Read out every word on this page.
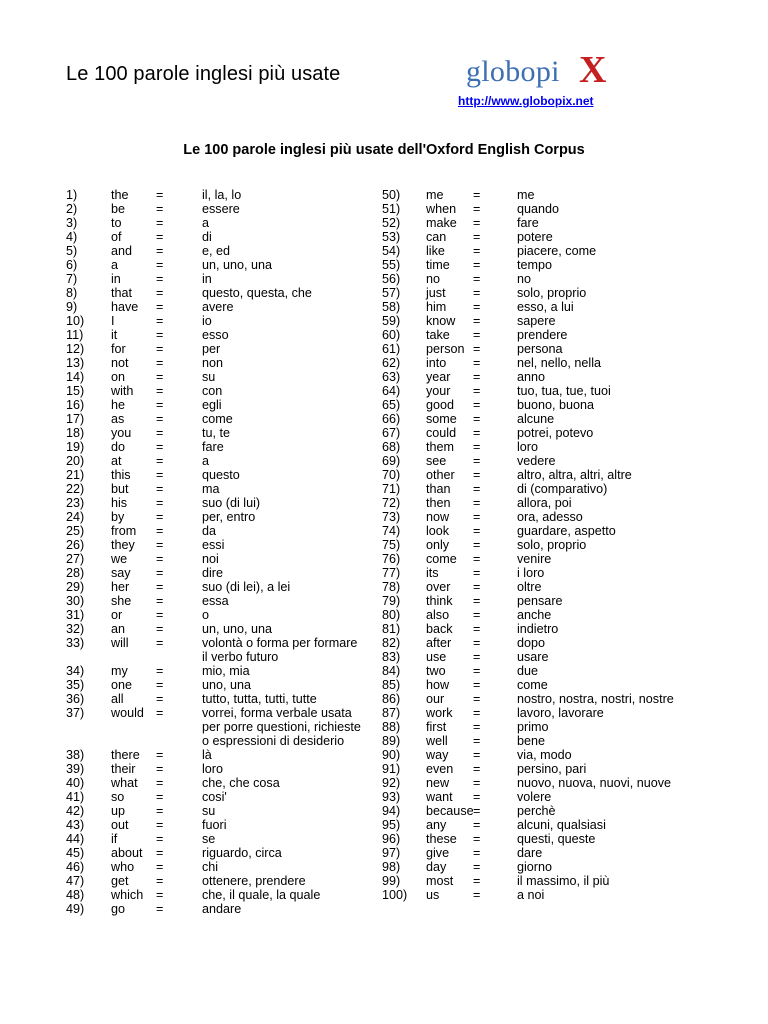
Le 100 parole inglesi più usate	globopi X
http://www.globopix.net
Le 100 parole inglesi più usate dell'Oxford English Corpus
1)	the	=	il, la, lo
2)	be	=	essere
3)	to	=	a
4)	of	=	di
5)	and	=	e, ed
6)	a	=	un, uno, una
7)	in	=	in
8)	that	=	questo, questa, che
9)	have	=	avere
10)	I	=	io
11)	it	=	esso
12)	for	=	per
13)	not	=	non
14)	on	=	su
15)	with	=	con
16)	he	=	egli
17)	as	=	come
18)	you	=	tu, te
19)	do	=	fare
20)	at	=	a
21)	this	=	questo
22)	but	=	ma
23)	his	=	suo (di lui)
24)	by	=	per, entro
25)	from	=	da
26)	they	=	essi
27)	we	=	noi
28)	say	=	dire
29)	her	=	suo (di lei), a lei
30)	she	=	essa
31)	or	=	o
32)	an	=	un, uno, una
33)	will	=	volontà o forma per formare
il verbo futuro
34)	my	=	mio, mia
35)	one	=	uno, una
36)	all	=	tutto, tutta, tutti, tutte
37)	would =	vorrei, forma verbale usata
per porre questioni, richieste
o espressioni di desiderio
38)	there	=	là
39)	their	=	loro
40)	what	=	che, che cosa
41)	so	=	cosi'
42)	up	=	su
43)	out	=	fuori
44)	if	=	se
45)	about	=	riguardo, circa
46)	who	=	chi
47)	get	=	ottenere, prendere
48)	which	=	che, il quale, la quale
49)	go	=	andare
50)	me	=	me
51)	when	=	quando
52)	make	=	fare
53)	can	=	potere
54)	like	=	piacere, come
55)	time	=	tempo
56)	no	=	no
57)	just	=	solo, proprio
58)	him	=	esso, a lui
59)	know	=	sapere
60)	take	=	prendere
61)	person =	persona
62)	into	=	nel, nello, nella
63)	year	=	anno
64)	your	=	tuo, tua, tue, tuoi
65)	good	=	buono, buona
66)	some	=	alcune
67)	could	=	potrei, potevo
68)	them	=	loro
69)	see	=	vedere
70)	other	=	altro, altra, altri, altre
71)	than	=	di (comparativo)
72)	then	=	allora, poi
73)	now	=	ora, adesso
74)	look	=	guardare, aspetto
75)	only	=	solo, proprio
76)	come	=	venire
77)	its	=	i loro
78)	over	=	oltre
79)	think	=	pensare
80)	also	=	anche
81)	back	=	indietro
82)	after	=	dopo
83)	use	=	usare
84)	two	=	due
85)	how	=	come
86)	our	=	nostro, nostra, nostri, nostre
87)	work	=	lavoro, lavorare
88)	first	=	primo
89)	well	=	bene
90)	way	=	via, modo
91)	even	=	persino, pari
92)	new	=	nuovo, nuova, nuovi, nuove
93)	want	=	volere
94)	because =	perchè
95)	any	=	alcuni, qualsiasi
96)	these	=	questi, queste
97)	give	=	dare
98)	day	=	giorno
99)	most	=	il massimo, il più
100)	us	=	a noi
